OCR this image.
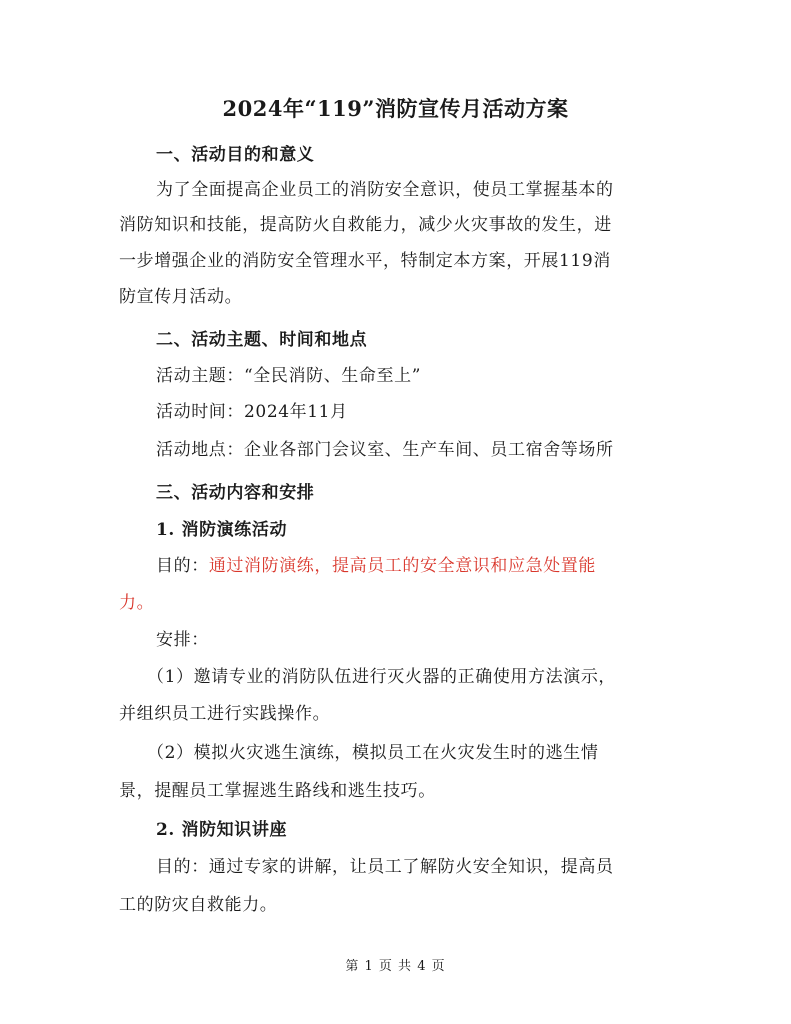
2024年“119”消防宣传月活动方案
一、活动目的和意义
为了全面提高企业员工的消防安全意识，使员工掌握基本的
消防知识和技能，提高防火自救能力，减少火灾事故的发生，进
一步增强企业的消防安全管理水平，特制定本方案，开展119消
防宣传月活动。
二、活动主题、时间和地点
活动主题：“全民消防、生命至上”
活动时间：2024年11月
活动地点：企业各部门会议室、生产车间、员工宿舍等场所
三、活动内容和安排
1. 消防演练活动
目的：通过消防演练，提高员工的安全意识和应急处置能
力。
安排：
（1）邀请专业的消防队伍进行灭火器的正确使用方法演示，
并组织员工进行实践操作。
（2）模拟火灾逃生演练，模拟员工在火灾发生时的逃生情
景，提醒员工掌握逃生路线和逃生技巧。
2. 消防知识讲座
目的：通过专家的讲解，让员工了解防火安全知识，提高员
工的防灾自救能力。
第 1 页 共 4 页
